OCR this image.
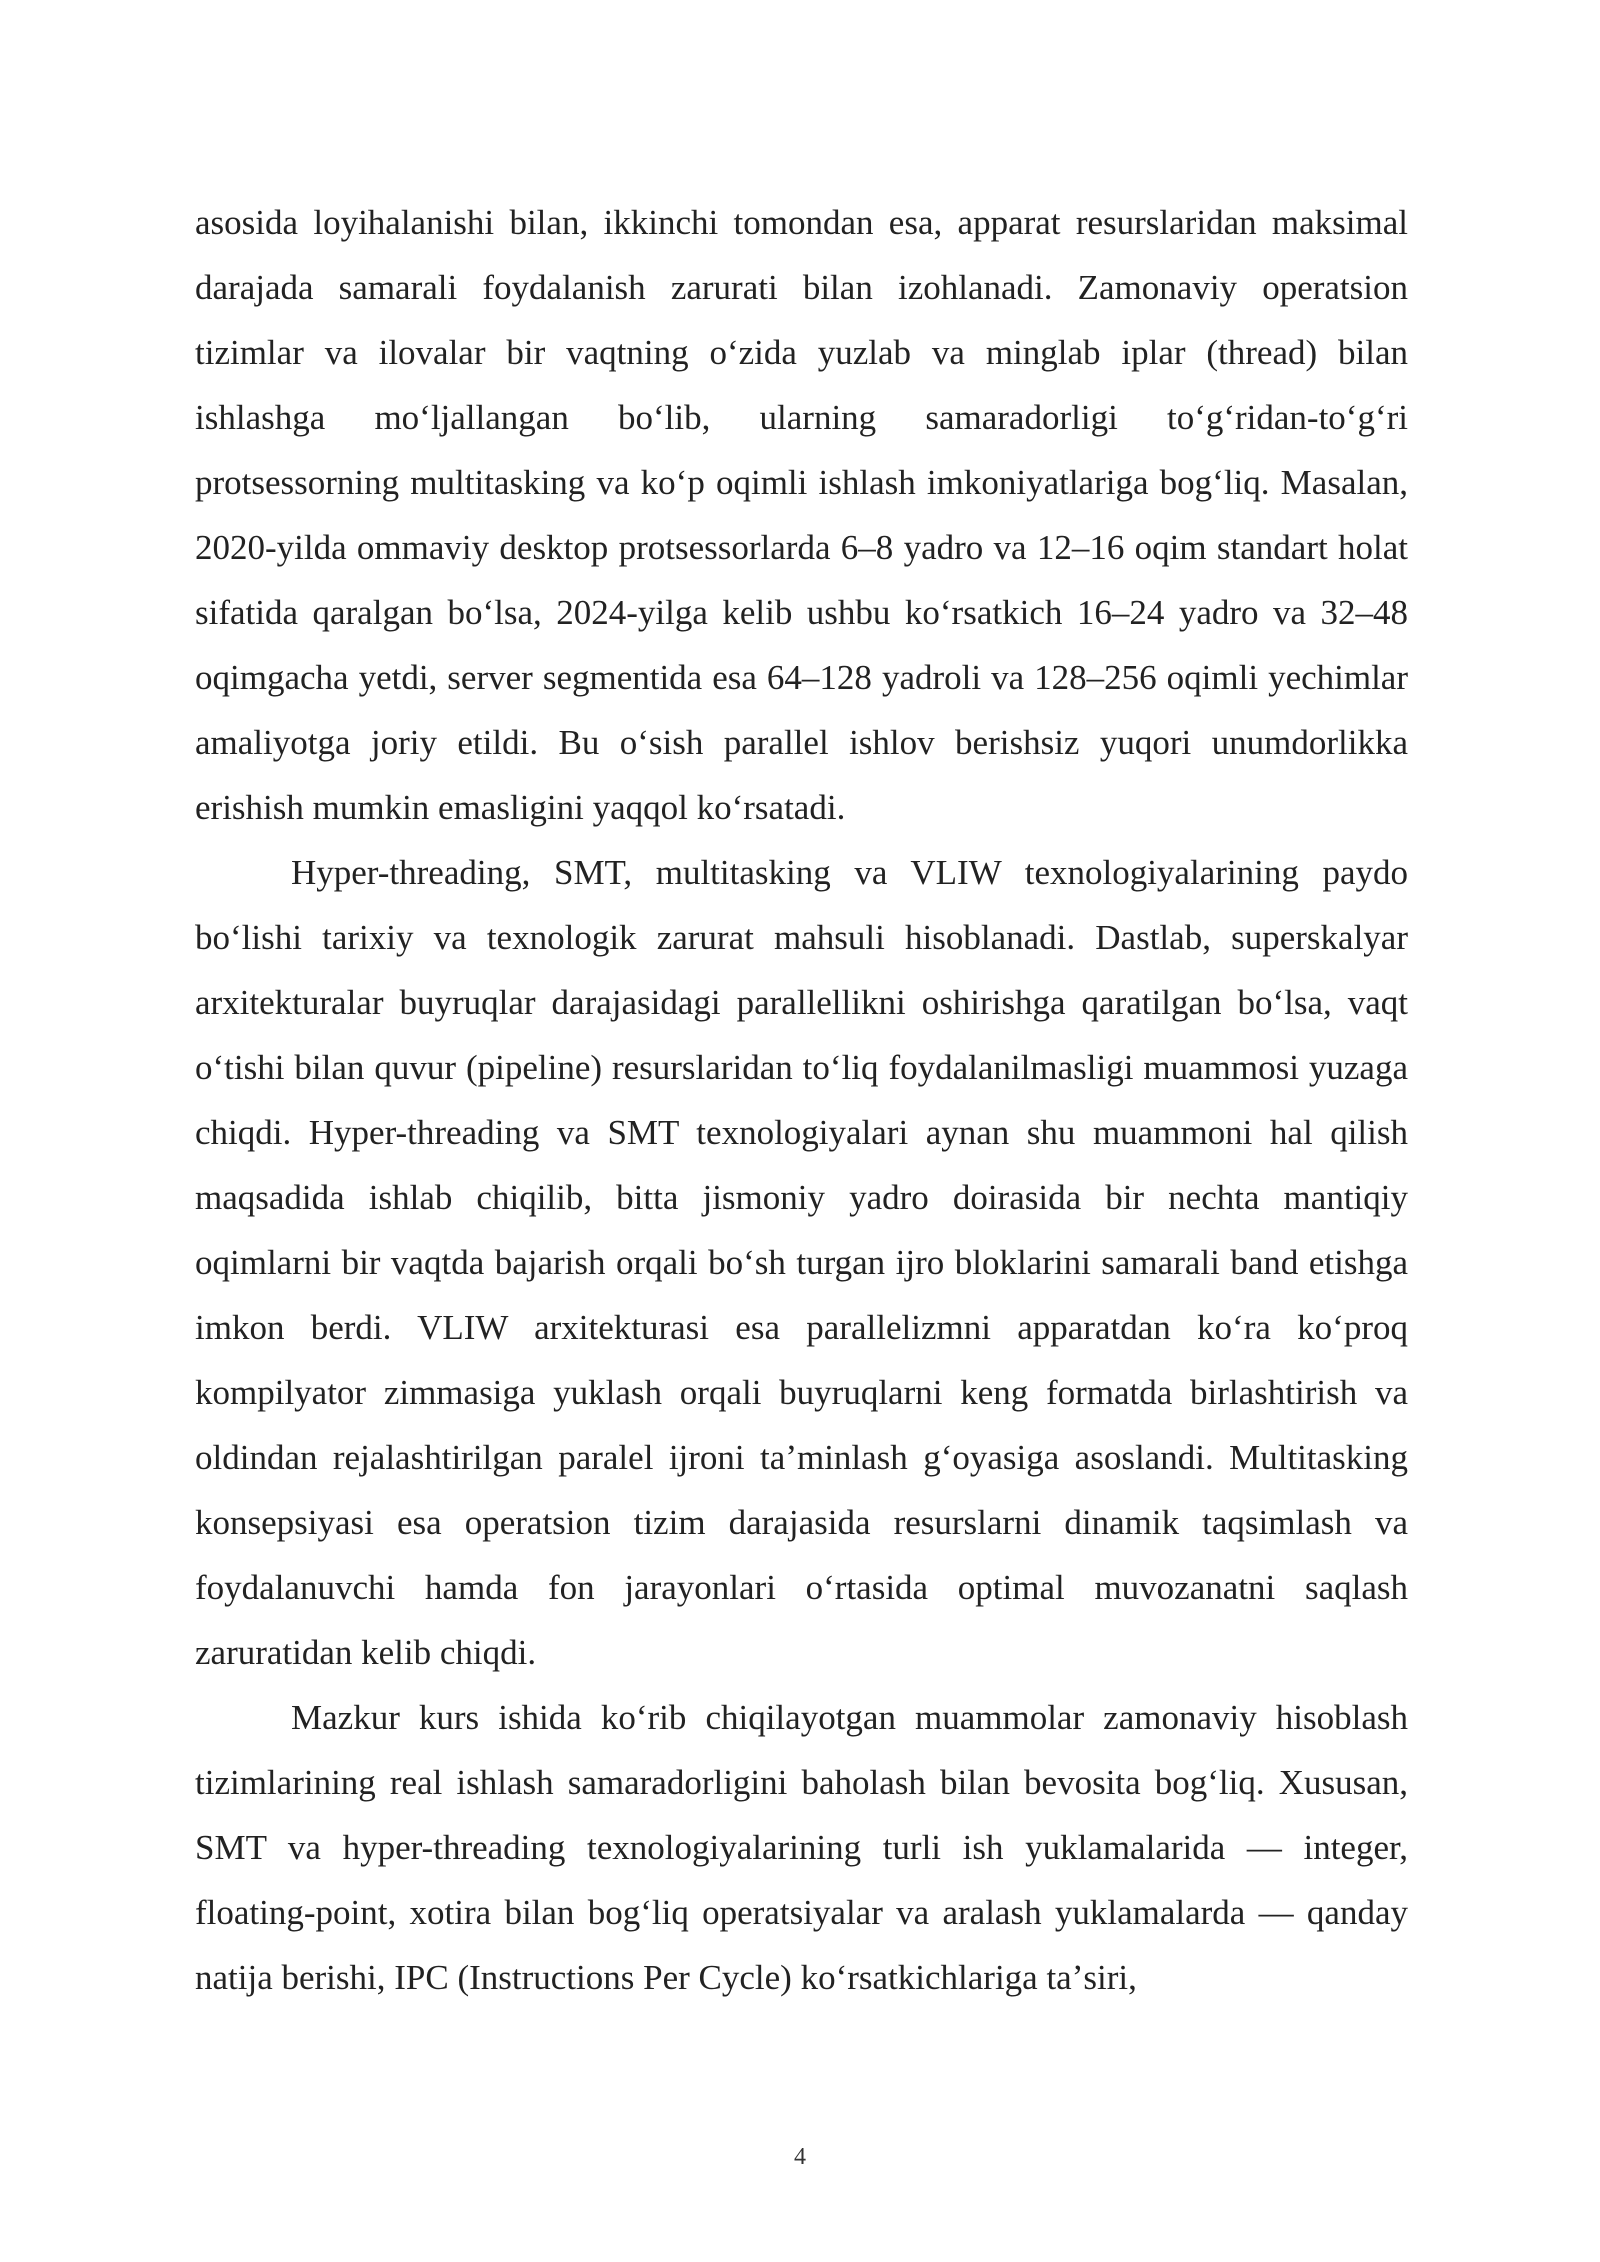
asosida loyihalanishi bilan, ikkinchi tomondan esa, apparat resurslaridan maksimal darajada samarali foydalanish zarurati bilan izohlanadi. Zamonaviy operatsion tizimlar va ilovalar bir vaqtning oʻzida yuzlab va minglab iplar (thread) bilan ishlashga moʻljallangan boʻlib, ularning samaradorligi toʻgʻridan-toʻgʻri protsessorning multitasking va koʻp oqimli ishlash imkoniyatlariga bogʻliq. Masalan, 2020-yilda ommaviy desktop protsessorlarda 6–8 yadro va 12–16 oqim standart holat sifatida qaralgan boʻlsa, 2024-yilga kelib ushbu koʻrsatkich 16–24 yadro va 32–48 oqimgacha yetdi, server segmentida esa 64–128 yadroli va 128–256 oqimli yechimlar amaliyotga joriy etildi. Bu oʻsish parallel ishlov berishsiz yuqori unumdorlikka erishish mumkin emasligini yaqqol koʻrsatadi.

Hyper-threading, SMT, multitasking va VLIW texnologiyalarining paydo boʻlishi tarixiy va texnologik zarurat mahsuli hisoblanadi. Dastlab, superskalyar arxitekturalar buyruqlar darajasidagi parallellikni oshirishga qaratilgan boʻlsa, vaqt oʻtishi bilan quvur (pipeline) resurslaridan toʻliq foydalanilmasligi muammosi yuzaga chiqdi. Hyper-threading va SMT texnologiyalari aynan shu muammoni hal qilish maqsadida ishlab chiqilib, bitta jismoniy yadro doirasida bir nechta mantiqiy oqimlarni bir vaqtda bajarish orqali boʻsh turgan ijro bloklarini samarali band etishga imkon berdi. VLIW arxitekturasi esa parallelizmni apparatdan koʻra koʻproq kompilyator zimmasiga yuklash orqali buyruqlarni keng formatda birlashtirish va oldindan rejalashtirilgan paralel ijroni taʼminlash gʻoyasiga asoslandi. Multitasking konsepsiyasi esa operatsion tizim darajasida resurslarni dinamik taqsimlash va foydalanuvchi hamda fon jarayonlari oʻrtasida optimal muvozanatni saqlash zaruratidan kelib chiqdi.

Mazkur kurs ishida koʻrib chiqilayotgan muammolar zamonaviy hisoblash tizimlarining real ishlash samaradorligini baholash bilan bevosita bogʻliq. Xususan, SMT va hyper-threading texnologiyalarining turli ish yuklamalarida — integer, floating-point, xotira bilan bogʻliq operatsiyalar va aralash yuklamalarda — qanday natija berishi, IPC (Instructions Per Cycle) koʻrsatkichlariga taʼsiri,

4
